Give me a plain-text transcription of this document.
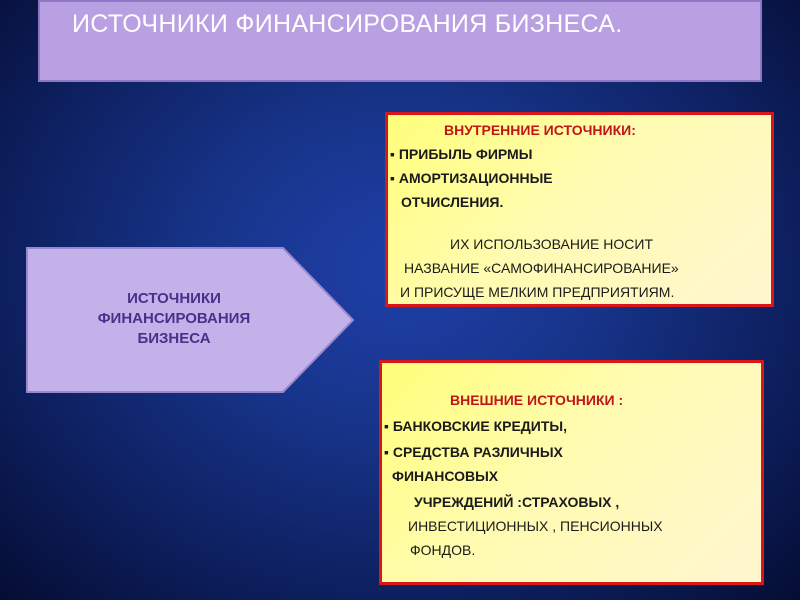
ИСТОЧНИКИ ФИНАНСИРОВАНИЯ БИЗНЕСА.
ИСТОЧНИКИ
ФИНАНСИРОВАНИЯ
БИЗНЕСА
ВНУТРЕННИЕ ИСТОЧНИКИ:
▪ ПРИБЫЛЬ ФИРМЫ
▪ АМОРТИЗАЦИОННЫЕ
ОТЧИСЛЕНИЯ.
ИХ ИСПОЛЬЗОВАНИЕ НОСИТ
НАЗВАНИЕ «САМОФИНАНСИРОВАНИЕ»
И ПРИСУЩЕ МЕЛКИМ ПРЕДПРИЯТИЯМ.
ВНЕШНИЕ ИСТОЧНИКИ :
▪ БАНКОВСКИЕ КРЕДИТЫ,
▪ СРЕДСТВА РАЗЛИЧНЫХ
ФИНАНСОВЫХ
УЧРЕЖДЕНИЙ :СТРАХОВЫХ ,
ИНВЕСТИЦИОННЫХ , ПЕНСИОННЫХ
ФОНДОВ.
